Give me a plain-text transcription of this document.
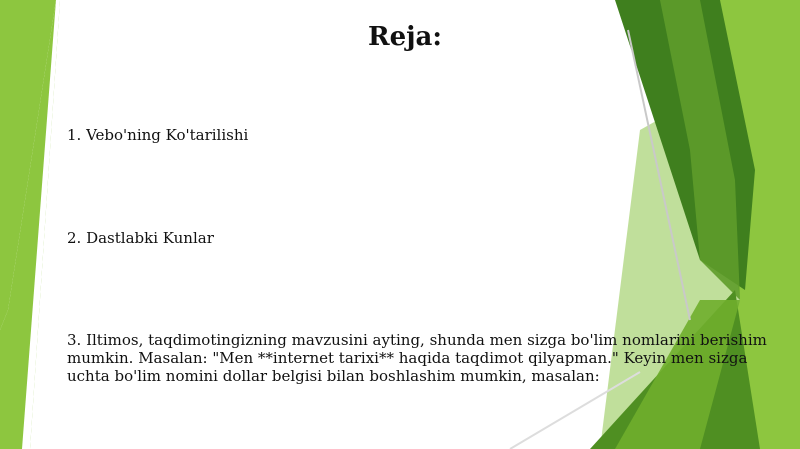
Reja:

1. Vebo'ning Ko'tarilishi

2. Dastlabki Kunlar

3. Iltimos, taqdimotingizning mavzusini ayting, shunda men sizga bo'lim nomlarini berishim mumkin. Masalan: "Men **internet tarixi** haqida taqdimot qilyapman." Keyin men sizga uchta bo'lim nomini dollar belgisi bilan boshlashim mumkin, masalan:
